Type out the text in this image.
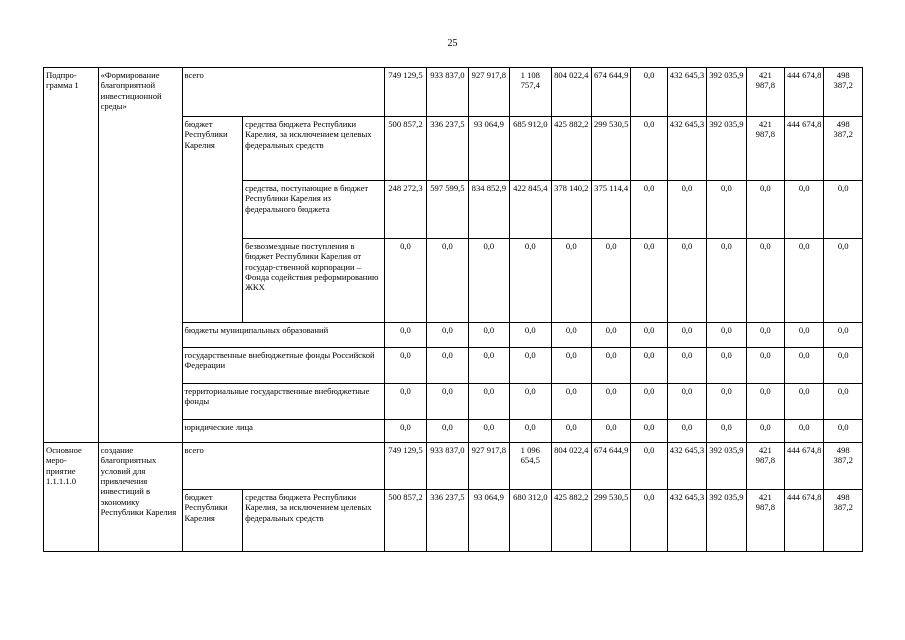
25
Подпро-грамма 1	«Формирование благоприятной инвестиционной среды»	всего		749 129,5	933 837,0	927 917,8	1 108 757,4	804 022,4	674 644,9	0,0	432 645,3	392 035,9	421 987,8	444 674,8	498 387,2
		бюджет Республики Карелия	средства бюджета Республики Карелия, за исключением целевых федеральных средств	500 857,2	336 237,5	93 064,9	685 912,0	425 882,2	299 530,5	0,0	432 645,3	392 035,9	421 987,8	444 674,8	498 387,2
			средства, поступающие в бюджет Республики Карелия из федерального бюджета	248 272,3	597 599,5	834 852,9	422 845,4	378 140,2	375 114,4	0,0	0,0	0,0	0,0	0,0	0,0
			безвозмездные поступления в бюджет Республики Карелия от государ-ственной корпорации – Фонда содействия реформированию ЖКХ	0,0	0,0	0,0	0,0	0,0	0,0	0,0	0,0	0,0	0,0	0,0	0,0
		бюджеты муниципальных образований		0,0	0,0	0,0	0,0	0,0	0,0	0,0	0,0	0,0	0,0	0,0	0,0
		государственные внебюджетные фонды Российской Федерации		0,0	0,0	0,0	0,0	0,0	0,0	0,0	0,0	0,0	0,0	0,0	0,0
		территориальные государственные внебюджетные фонды		0,0	0,0	0,0	0,0	0,0	0,0	0,0	0,0	0,0	0,0	0,0	0,0
		юридические лица		0,0	0,0	0,0	0,0	0,0	0,0	0,0	0,0	0,0	0,0	0,0	0,0
Основное меро-приятие 1.1.1.1.0	создание благоприятных условий для привлечения инвестиций в экономику Республики Карелия	всего		749 129,5	933 837,0	927 917,8	1 096 654,5	804 022,4	674 644,9	0,0	432 645,3	392 035,9	421 987,8	444 674,8	498 387,2
		бюджет Республики Карелия	средства бюджета Республики Карелия, за исключением целевых федеральных средств	500 857,2	336 237,5	93 064,9	680 312,0	425 882,2	299 530,5	0,0	432 645,3	392 035,9	421 987,8	444 674,8	498 387,2
